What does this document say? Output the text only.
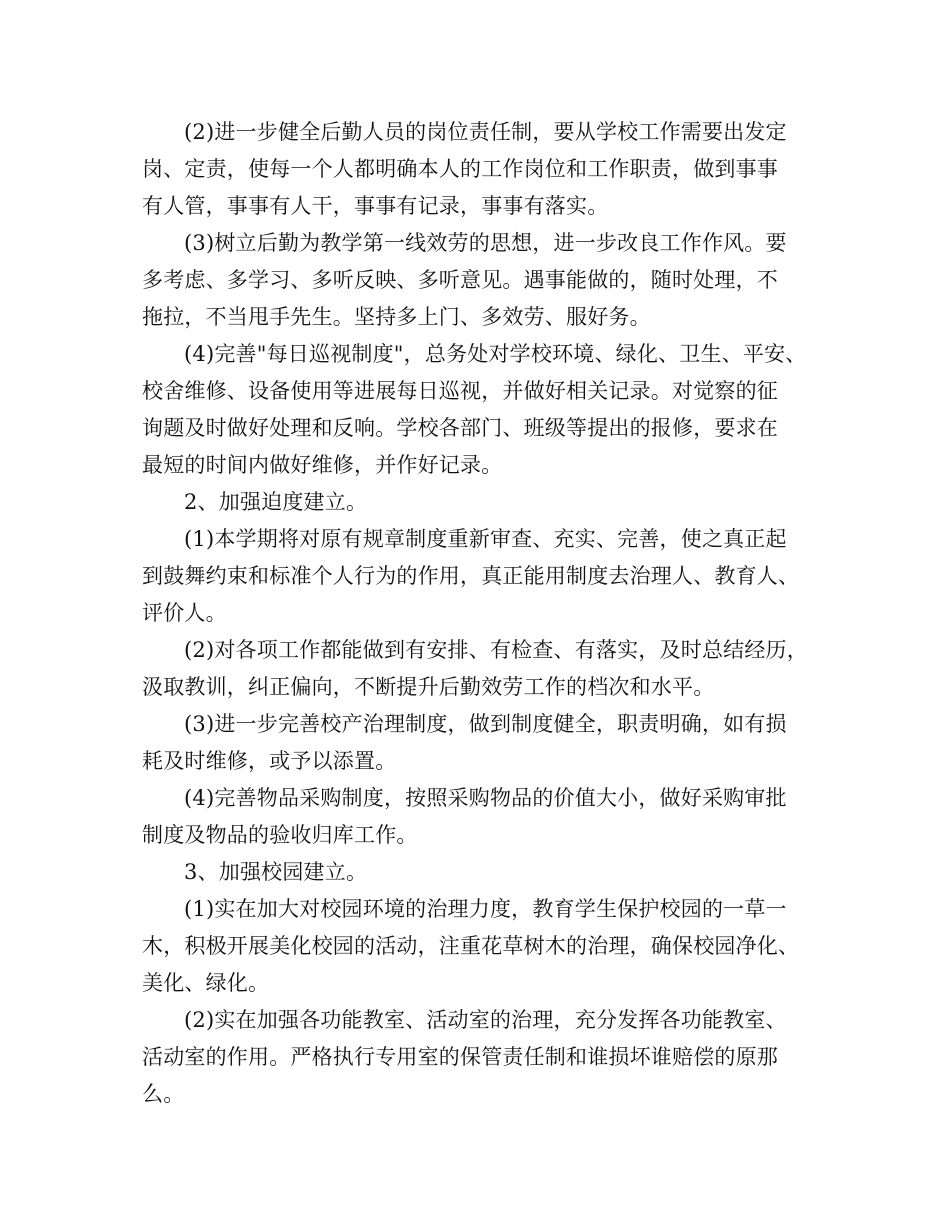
(2)进一步健全后勤人员的岗位责任制，要从学校工作需要出发定
岗、定责，使每一个人都明确本人的工作岗位和工作职责，做到事事
有人管，事事有人干，事事有记录，事事有落实。
(3)树立后勤为教学第一线效劳的思想，进一步改良工作作风。要
多考虑、多学习、多听反映、多听意见。遇事能做的，随时处理，不
拖拉，不当甩手先生。坚持多上门、多效劳、服好务。
(4)完善"每日巡视制度"，总务处对学校环境、绿化、卫生、平安、
校舍维修、设备使用等进展每日巡视，并做好相关记录。对觉察的征
询题及时做好处理和反响。学校各部门、班级等提出的报修，要求在
最短的时间内做好维修，并作好记录。
2、加强迫度建立。
(1)本学期将对原有规章制度重新审查、充实、完善，使之真正起
到鼓舞约束和标准个人行为的作用，真正能用制度去治理人、教育人、
评价人。
(2)对各项工作都能做到有安排、有检查、有落实，及时总结经历，
汲取教训，纠正偏向，不断提升后勤效劳工作的档次和水平。
(3)进一步完善校产治理制度，做到制度健全，职责明确，如有损
耗及时维修，或予以添置。
(4)完善物品采购制度，按照采购物品的价值大小，做好采购审批
制度及物品的验收归库工作。
3、加强校园建立。
(1)实在加大对校园环境的治理力度，教育学生保护校园的一草一
木，积极开展美化校园的活动，注重花草树木的治理，确保校园净化、
美化、绿化。
(2)实在加强各功能教室、活动室的治理，充分发挥各功能教室、
活动室的作用。严格执行专用室的保管责任制和谁损坏谁赔偿的原那
么。
